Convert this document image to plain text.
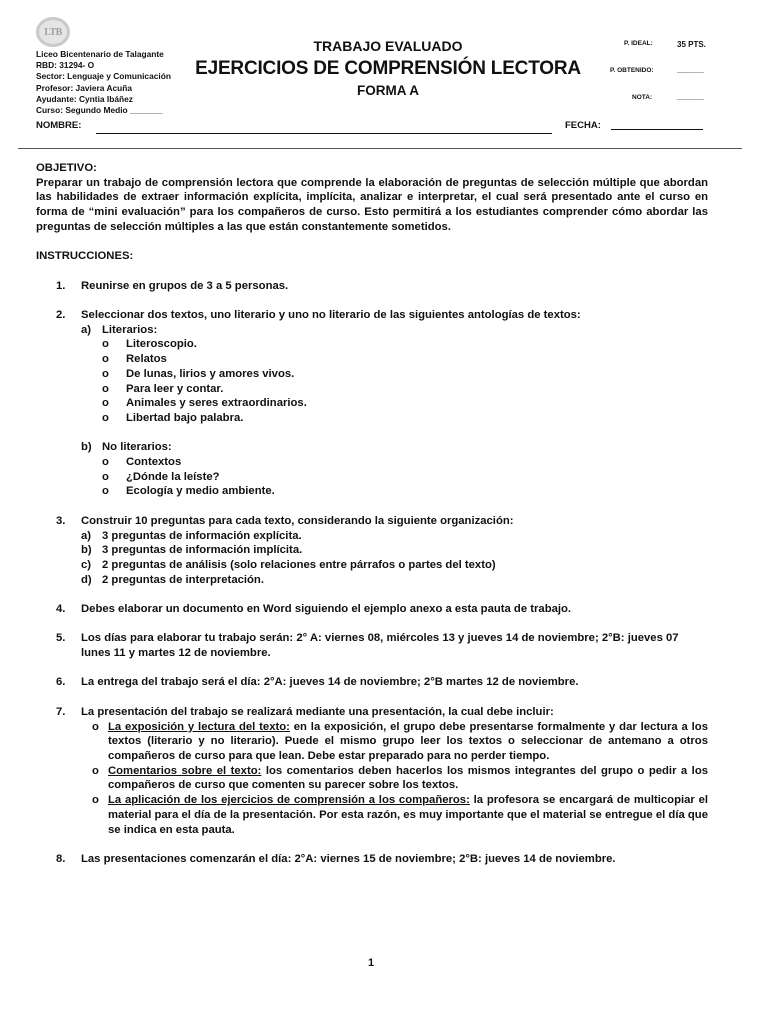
LTB
Liceo Bicentenario de Talagante
RBD: 31294- O
Sector: Lenguaje y Comunicación
Profesor: Javiera Acuña
Ayudante: Cyntia Ibáñez
Curso: Segundo Medio _______
TRABAJO EVALUADO
EJERCICIOS DE COMPRENSIÓN LECTORA
FORMA A
P. IDEAL:	35 PTS.
P. OBTENIDO:	______
NOTA:	______
NOMBRE:	FECHA:
OBJETIVO:
Preparar un trabajo de comprensión lectora que comprende la elaboración de preguntas de selección múltiple que abordan las habilidades de extraer información explícita, implícita, analizar e interpretar, el cual será presentado ante el curso en forma de “mini evaluación” para los compañeros de curso. Esto permitirá a los estudiantes comprender cómo abordar las preguntas de selección múltiples a las que están constantemente sometidos.
INSTRUCCIONES:
1.	Reunirse en grupos de 3 a 5 personas.
2.	Seleccionar dos textos, uno literario y uno no literario de las siguientes antologías de textos:
a) Literarios:
o	Literoscopio.
o	Relatos
o	De lunas, lirios y amores vivos.
o	Para leer y contar.
o	Animales y seres extraordinarios.
o	Libertad bajo palabra.
b) No literarios:
o	Contextos
o	¿Dónde la leíste?
o	Ecología y medio ambiente.
3.	Construir 10 preguntas para cada texto, considerando la siguiente organización:
a) 3 preguntas de información explícita.
b) 3 preguntas de información implícita.
c) 2 preguntas de análisis (solo relaciones entre párrafos o partes del texto)
d) 2 preguntas de interpretación.
4.	Debes elaborar un documento en Word siguiendo el ejemplo anexo a esta pauta de trabajo.
5.	Los días para elaborar tu trabajo serán: 2° A: viernes 08, miércoles 13 y jueves 14 de noviembre; 2°B: jueves 07 lunes 11 y martes 12 de noviembre.
6.	La entrega del trabajo será el día: 2°A: jueves 14 de noviembre; 2°B martes 12 de noviembre.
7.	La presentación del trabajo se realizará mediante una presentación, la cual debe incluir:
o La exposición y lectura del texto: en la exposición, el grupo debe presentarse formalmente y dar lectura a los textos (literario y no literario). Puede el mismo grupo leer los textos o seleccionar de antemano a otros compañeros de curso para que lean. Debe estar preparado para no perder tiempo.
o Comentarios sobre el texto: los comentarios deben hacerlos los mismos integrantes del grupo o pedir a los compañeros de curso que comenten su parecer sobre los textos.
o La aplicación de los ejercicios de comprensión a los compañeros: la profesora se encargará de multicopiar el material para el día de la presentación. Por esta razón, es muy importante que el material se entregue el día que se indica en esta pauta.
8.	Las presentaciones comenzarán el día: 2°A: viernes 15 de noviembre; 2°B: jueves 14 de noviembre.
1
